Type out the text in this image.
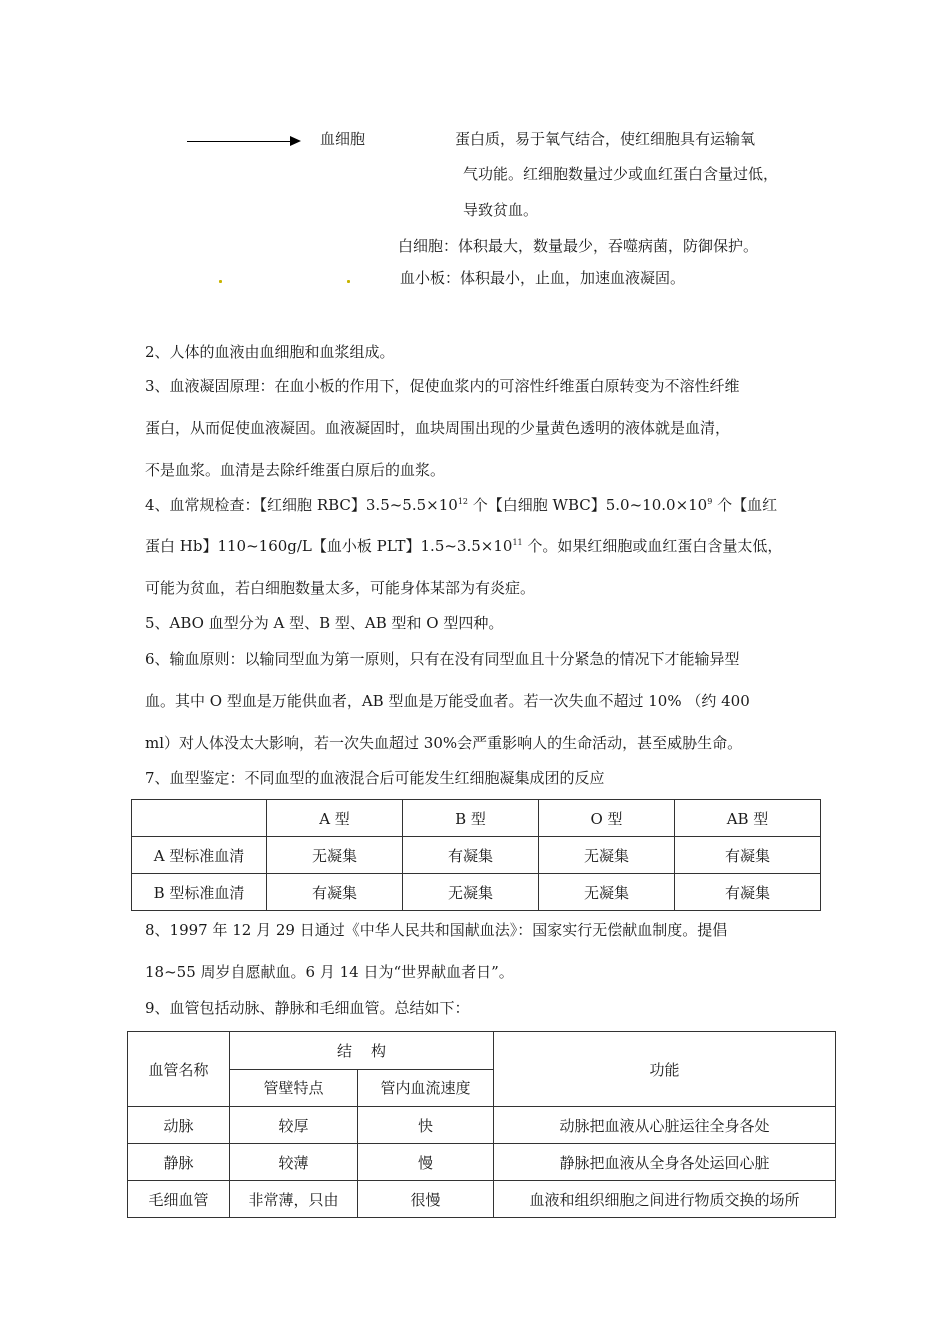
血细胞	蛋白质，易于氧气结合，使红细胞具有运输氧
气功能。红细胞数量过少或血红蛋白含量过低，
导致贫血。
白细胞：体积最大，数量最少，吞噬病菌，防御保护。
血小板：体积最小，止血，加速血液凝固。
2、人体的血液由血细胞和血浆组成。
3、血液凝固原理：在血小板的作用下，促使血浆内的可溶性纤维蛋白原转变为不溶性纤维
蛋白，从而促使血液凝固。血液凝固时，血块周围出现的少量黄色透明的液体就是血清，
不是血浆。血清是去除纤维蛋白原后的血浆。
4、血常规检查：【红细胞 RBC】$3.5\sim 5.5\times 10^{12}$ 个【白细胞 WBC】$5.0\sim 10.0\times 10^9$ 个【血红
蛋白 Hb】110~160g/L【血小板 PLT】$1.5\sim 3.5\times 10^{11}$ 个。如果红细胞或血红蛋白含量太低，
可能为贫血，若白细胞数量太多，可能身体某部为有炎症。
5、ABO 血型分为 A 型、B 型、AB 型和 O 型四种。
6、输血原则：以输同型血为第一原则，只有在没有同型血且十分紧急的情况下才能输异型
血。其中 O 型血是万能供血者，AB 型血是万能受血者。若一次失血不超过 10% （约 400
ml）对人体没太大影响，若一次失血超过 30%会严重影响人的生命活动，甚至威胁生命。
7、血型鉴定：不同血型的血液混合后可能发生红细胞凝集成团的反应
	A 型	B 型	O 型	AB 型
A 型标准血清	无凝集	有凝集	无凝集	有凝集
B 型标准血清	有凝集	无凝集	无凝集	有凝集
8、1997 年 12 月 29 日通过《中华人民共和国献血法》：国家实行无偿献血制度。提倡
18~55 周岁自愿献血。6 月 14 日为“世界献血者日”。
9、血管包括动脉、静脉和毛细血管。总结如下：
血管名称	结    构		功能
	管壁特点	管内血流速度	
动脉	较厚	快	动脉把血液从心脏运往全身各处
静脉	较薄	慢	静脉把血液从全身各处运回心脏
毛细血管	非常薄，只由	很慢	血液和组织细胞之间进行物质交换的场所
